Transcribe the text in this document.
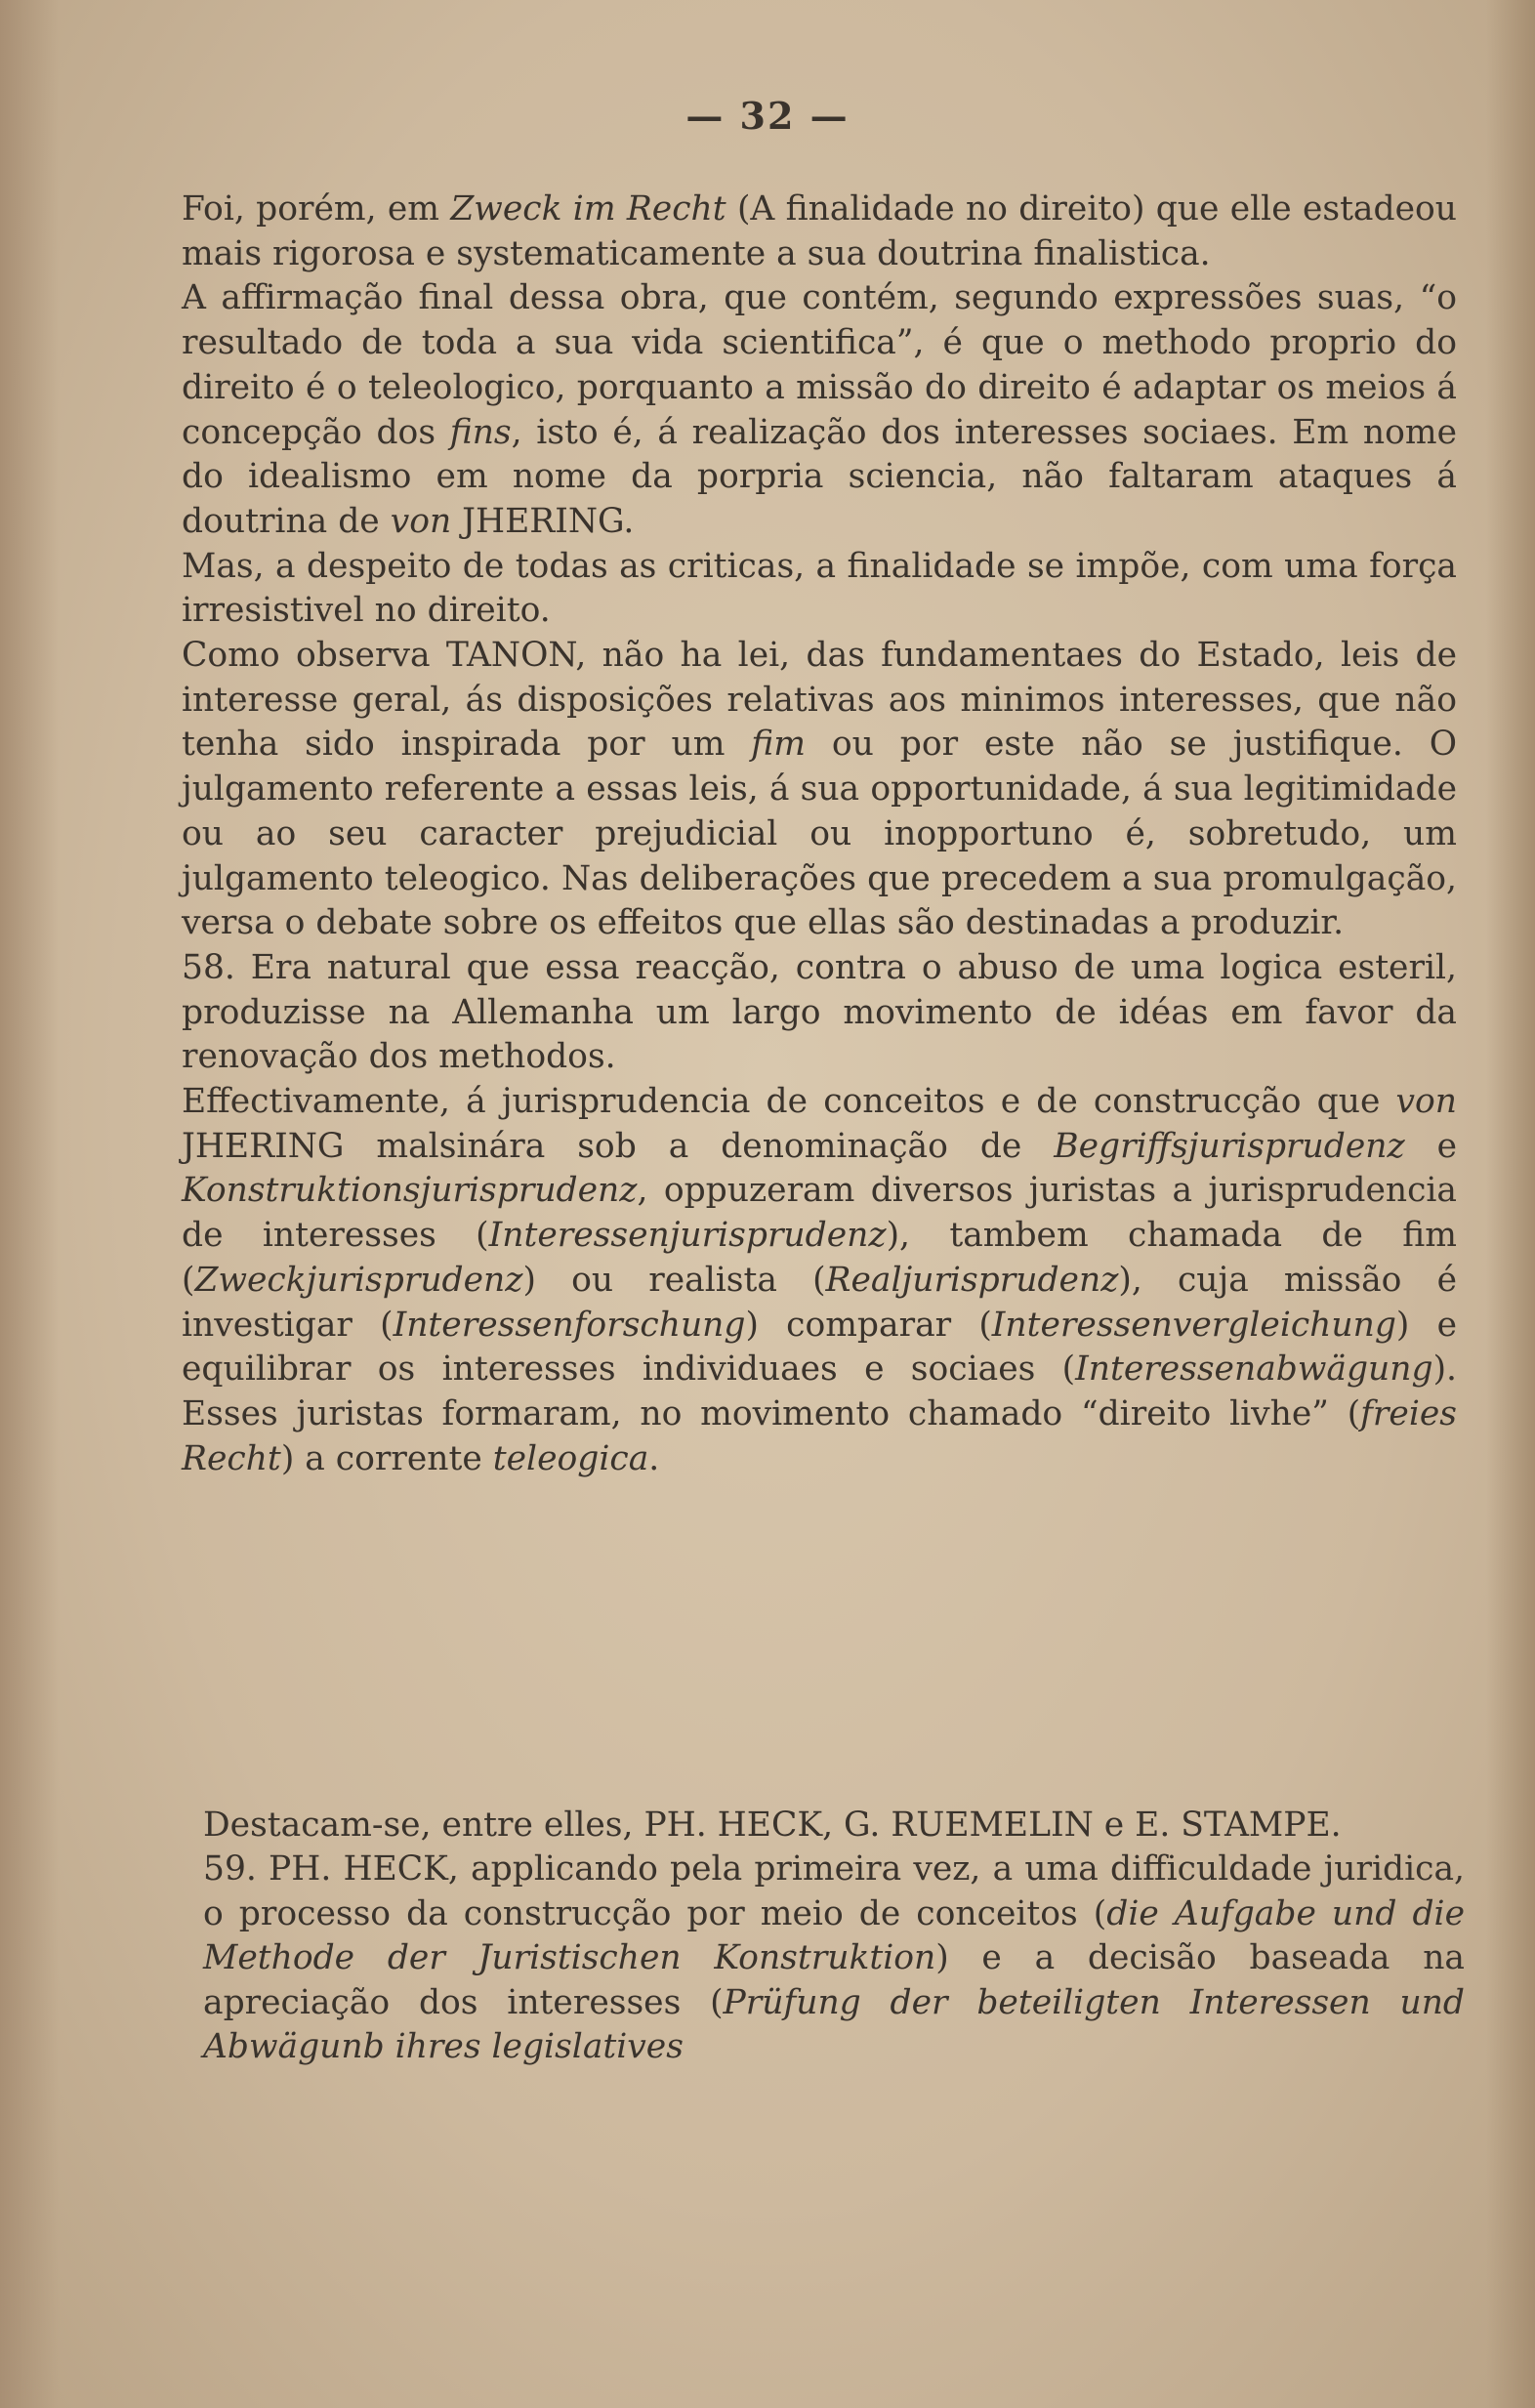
— 32 —

Foi, porém, em Zweck im Recht (A finalidade no direito) que elle estadeou mais rigorosa e systematicamente a sua doutrina finalistica.

A affirmação final dessa obra, que contém, segundo expressões suas, “o resultado de toda a sua vida scientifica”, é que o methodo proprio do direito é o teleologico, porquanto a missão do direito é adaptar os meios á concepção dos fins, isto é, á realização dos interesses sociaes. Em nome do idealismo em nome da porpria sciencia, não faltaram ataques á doutrina de von JHERING.

Mas, a despeito de todas as criticas, a finalidade se impõe, com uma força irresistivel no direito.

Como observa TANON, não ha lei, das fundamentaes do Estado, leis de interesse geral, ás disposições relativas aos minimos interesses, que não tenha sido inspirada por um fim ou por este não se justifique. O julgamento referente a essas leis, á sua opportunidade, á sua legitimidade ou ao seu caracter prejudicial ou inopportuno é, sobretudo, um julgamento teleogico. Nas deliberações que precedem a sua promulgação, versa o debate sobre os effeitos que ellas são destinadas a produzir.

58. Era natural que essa reacção, contra o abuso de uma logica esteril, produzisse na Allemanha um largo movimento de idéas em favor da renovação dos methodos.

Effectivamente, á jurisprudencia de conceitos e de construcção que von JHERING malsinára sob a denominação de Begriffsjurisprudenz e Konstruktionsjurisprudenz, oppuzeram diversos juristas a jurisprudencia de interesses (Interessenjurisprudenz), tambem chamada de fim (Zweckjurisprudenz) ou realista (Realjurisprudenz), cuja missão é investigar (Interessenforschung) comparar (Interessenvergleichung) e equilibrar os interesses individuaes e sociaes (Interessenabwägung). Esses juristas formaram, no movimento chamado “direito livhe” (freies Recht) a corrente teleogica.

Destacam-se, entre elles, PH. HECK, G. RUEMELIN e E. STAMPE.

59. PH. HECK, applicando pela primeira vez, a uma difficuldade juridica, o processo da construcção por meio de conceitos (die Aufgabe und die Methode der Juristischen Konstruktion) e a decisão baseada na apreciação dos interesses (Prüfung der beteiligten Interessen und Abwägunb ihres legislatives
